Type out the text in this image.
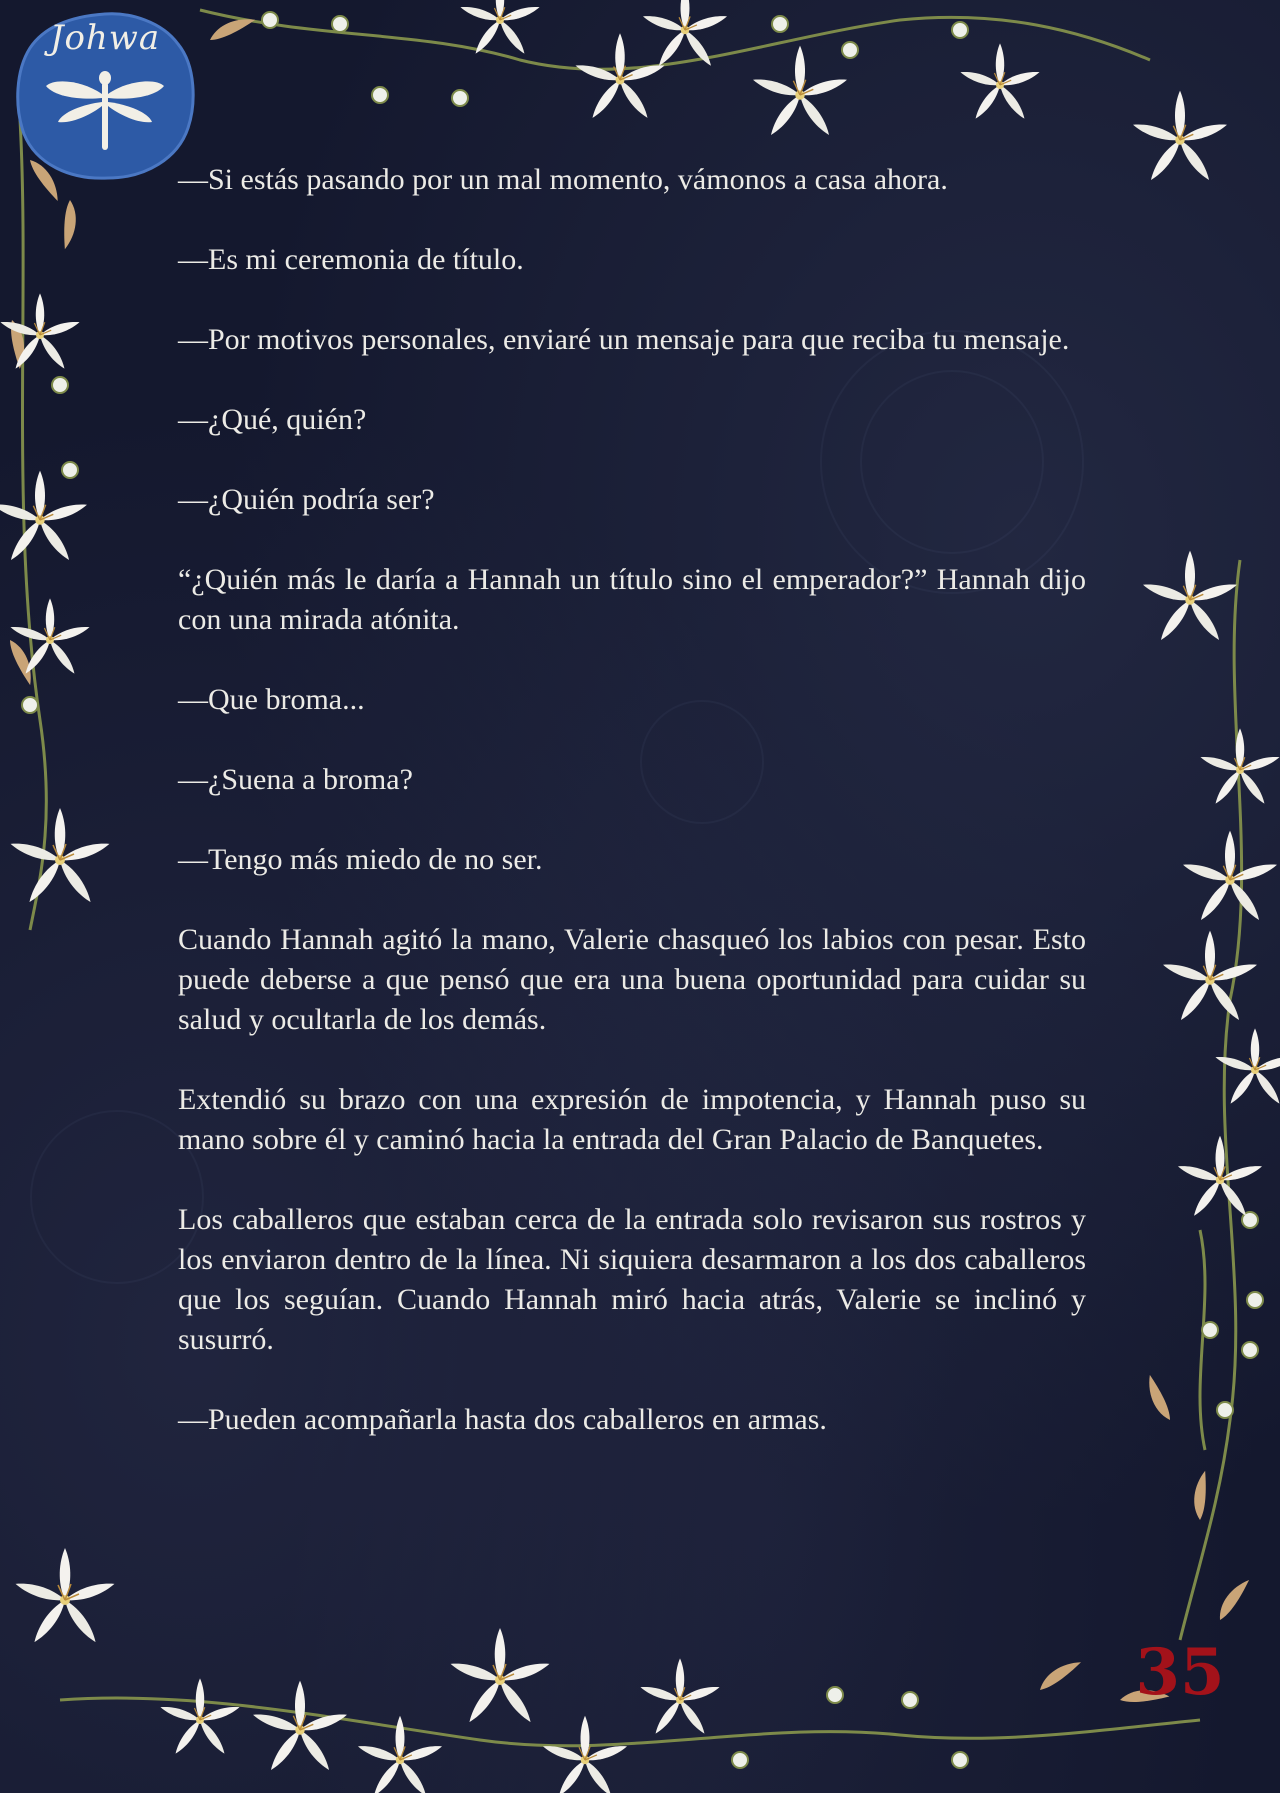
Johwa

—Si estás pasando por un mal momento, vámonos a casa ahora.

—Es mi ceremonia de título.

—Por motivos personales, enviaré un mensaje para que reciba tu mensaje.

—¿Qué, quién?

—¿Quién podría ser?

“¿Quién más le daría a Hannah un título sino el emperador?” Hannah dijo con una mirada atónita.

—Que broma...

—¿Suena a broma?

—Tengo más miedo de no ser.

Cuando Hannah agitó la mano, Valerie chasqueó los labios con pesar. Esto puede deberse a que pensó que era una buena oportunidad para cuidar su salud y ocultarla de los demás.

Extendió su brazo con una expresión de impotencia, y Hannah puso su mano sobre él y caminó hacia la entrada del Gran Palacio de Banquetes.

Los caballeros que estaban cerca de la entrada solo revisaron sus rostros y los enviaron dentro de la línea. Ni siquiera desarmaron a los dos caballeros que los seguían. Cuando Hannah miró hacia atrás, Valerie se inclinó y susurró.

—Pueden acompañarla hasta dos caballeros en armas.

35
